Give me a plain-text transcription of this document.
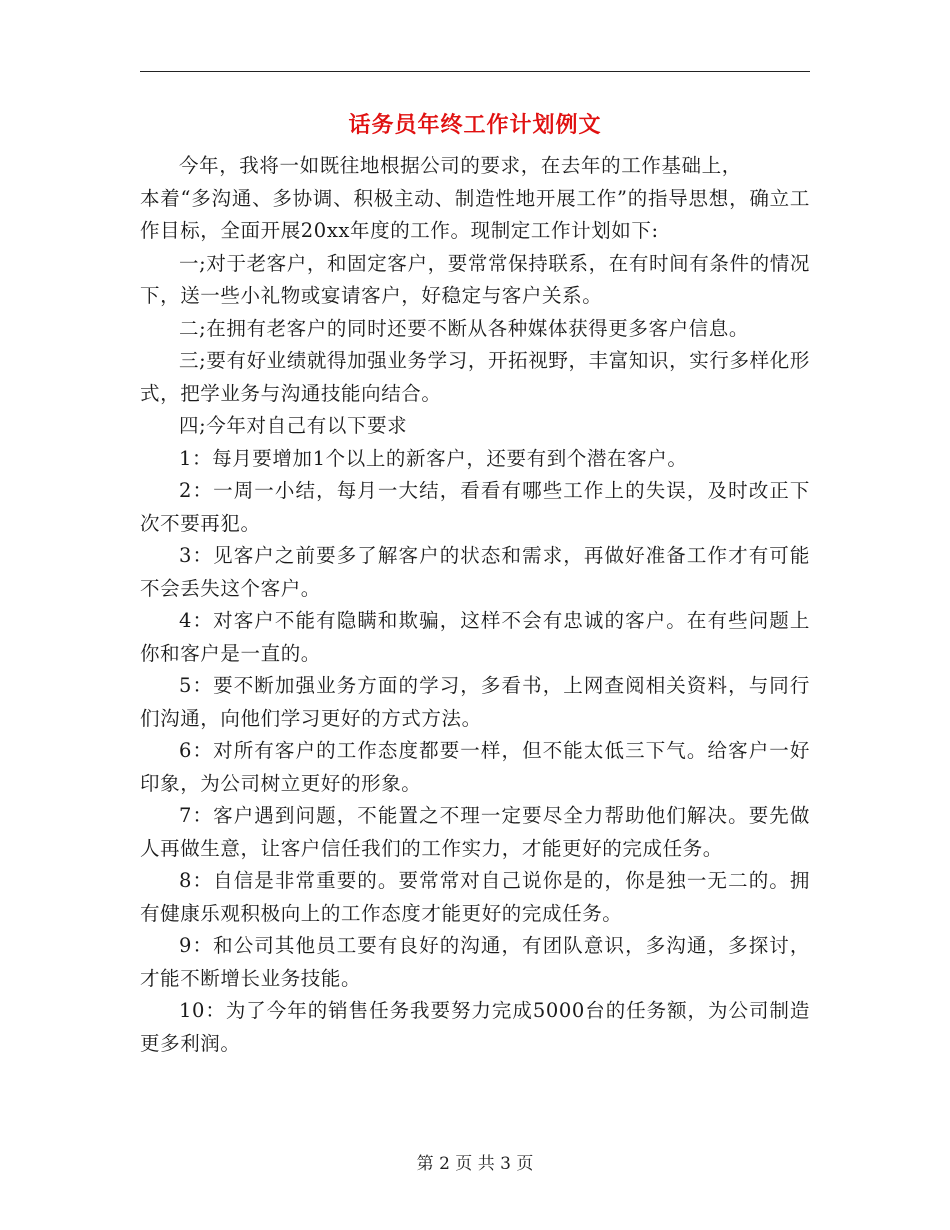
话务员年终工作计划例文

今年，我将一如既往地根据公司的要求，在去年的工作基础上，
本着“多沟通、多协调、积极主动、制造性地开展工作”的指导思想，确立工作目标，全面开展20xx年度的工作。现制定工作计划如下:

一;对于老客户，和固定客户，要常常保持联系，在有时间有条件的情况下，送一些小礼物或宴请客户，好稳定与客户关系。

二;在拥有老客户的同时还要不断从各种媒体获得更多客户信息。

三;要有好业绩就得加强业务学习，开拓视野，丰富知识，实行多样化形式，把学业务与沟通技能向结合。

四;今年对自己有以下要求

1：每月要增加1个以上的新客户，还要有到个潜在客户。

2：一周一小结，每月一大结，看看有哪些工作上的失误，及时改正下次不要再犯。

3：见客户之前要多了解客户的状态和需求，再做好准备工作才有可能不会丢失这个客户。

4：对客户不能有隐瞒和欺骗，这样不会有忠诚的客户。在有些问题上你和客户是一直的。

5：要不断加强业务方面的学习，多看书，上网查阅相关资料，与同行们沟通，向他们学习更好的方式方法。

6：对所有客户的工作态度都要一样，但不能太低三下气。给客户一好印象，为公司树立更好的形象。

7：客户遇到问题，不能置之不理一定要尽全力帮助他们解决。要先做人再做生意，让客户信任我们的工作实力，才能更好的完成任务。

8：自信是非常重要的。要常常对自己说你是的，你是独一无二的。拥有健康乐观积极向上的工作态度才能更好的完成任务。

9：和公司其他员工要有良好的沟通，有团队意识，多沟通，多探讨，才能不断增长业务技能。

10：为了今年的销售任务我要努力完成5000台的任务额，为公司制造更多利润。

第 2 页 共 3 页
